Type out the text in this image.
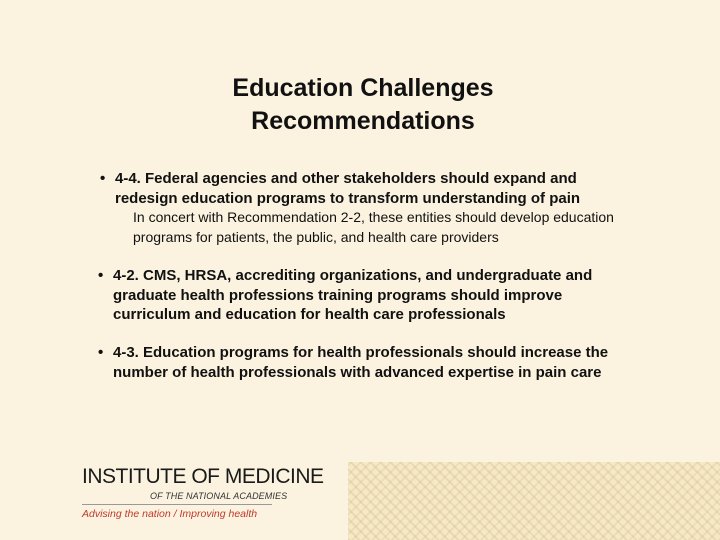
Education Challenges
Recommendations
• 4-4. Federal agencies and other stakeholders should expand and redesign education programs to transform understanding of pain
In concert with Recommendation 2-2, these entities should develop education programs for patients, the public, and health care providers
• 4-2. CMS, HRSA, accrediting organizations, and undergraduate and graduate health professions training programs should improve curriculum and education for health care professionals
• 4-3. Education programs for health professionals should increase the number of health professionals with advanced expertise in pain care
INSTITUTE OF MEDICINE
OF THE NATIONAL ACADEMIES
Advising the nation / Improving health
